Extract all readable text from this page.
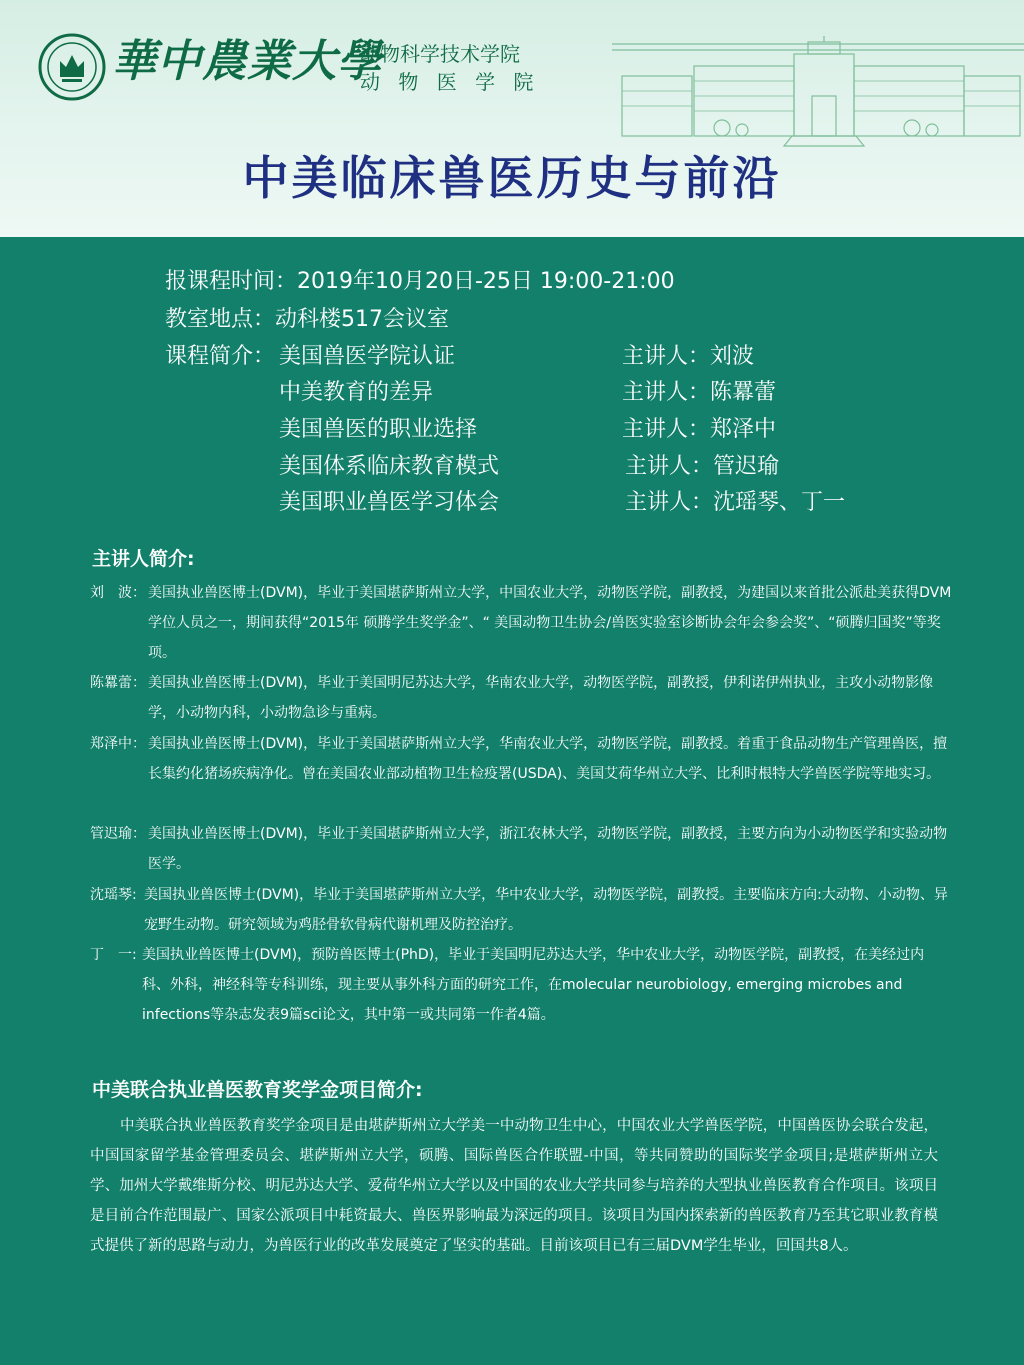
華中農業大學
动物科学技术学院
动 物 医 学 院
中美临床兽医历史与前沿
报课程时间：2019年10月20日-25日 19:00-21:00
教室地点：动科楼517会议室
课程简介： 美国兽医学院认证	主讲人：刘波
中美教育的差异	主讲人：陈羃蕾
美国兽医的职业选择	主讲人：郑泽中
美国体系临床教育模式	主讲人：管迟瑜
美国职业兽医学习体会	主讲人：沈瑶琴、丁一
主讲人简介:
刘　波： 美国执业兽医博士(DVM)，毕业于美国堪萨斯州立大学，中国农业大学，动物医学院，副教授，为建国以来首批公派赴美获得DVM学位人员之一，期间获得“2015年 硕腾学生奖学金”、“ 美国动物卫生协会/兽医实验室诊断协会年会参会奖”、“硕腾归国奖”等奖项。
陈羃蕾： 美国执业兽医博士(DVM)，毕业于美国明尼苏达大学，华南农业大学，动物医学院，副教授，伊利诺伊州执业，主攻小动物影像学，小动物内科，小动物急诊与重病。
郑泽中： 美国执业兽医博士(DVM)，毕业于美国堪萨斯州立大学，华南农业大学，动物医学院，副教授。着重于食品动物生产管理兽医，擅长集约化猪场疾病净化。曾在美国农业部动植物卫生检疫署(USDA)、美国艾荷华州立大学、比利时根特大学兽医学院等地实习。
管迟瑜： 美国执业兽医博士(DVM)，毕业于美国堪萨斯州立大学，浙江农林大学，动物医学院，副教授，主要方向为小动物医学和实验动物医学。
沈瑶琴: 美国执业兽医博士(DVM)，毕业于美国堪萨斯州立大学，华中农业大学，动物医学院，副教授。主要临床方向:大动物、小动物、异宠野生动物。研究领域为鸡胫骨软骨病代谢机理及防控治疗。
丁　一: 美国执业兽医博士(DVM)，预防兽医博士(PhD)，毕业于美国明尼苏达大学，华中农业大学，动物医学院，副教授，在美经过内科、外科，神经科等专科训练，现主要从事外科方面的研究工作，在molecular neurobiology, emerging microbes and infections等杂志发表9篇sci论文，其中第一或共同第一作者4篇。
中美联合执业兽医教育奖学金项目简介:
中美联合执业兽医教育奖学金项目是由堪萨斯州立大学美一中动物卫生中心，中国农业大学兽医学院，中国兽医协会联合发起，中国国家留学基金管理委员会、堪萨斯州立大学，硕腾、国际兽医合作联盟-中国，等共同赞助的国际奖学金项目;是堪萨斯州立大学、加州大学戴维斯分校、明尼苏达大学、爱荷华州立大学以及中国的农业大学共同参与培养的大型执业兽医教育合作项目。该项目是目前合作范围最广、国家公派项目中耗资最大、兽医界影响最为深远的项目。该项目为国内探索新的兽医教育乃至其它职业教育模式提供了新的思路与动力，为兽医行业的改革发展奠定了坚实的基础。目前该项目已有三届DVM学生毕业，回国共8人。
